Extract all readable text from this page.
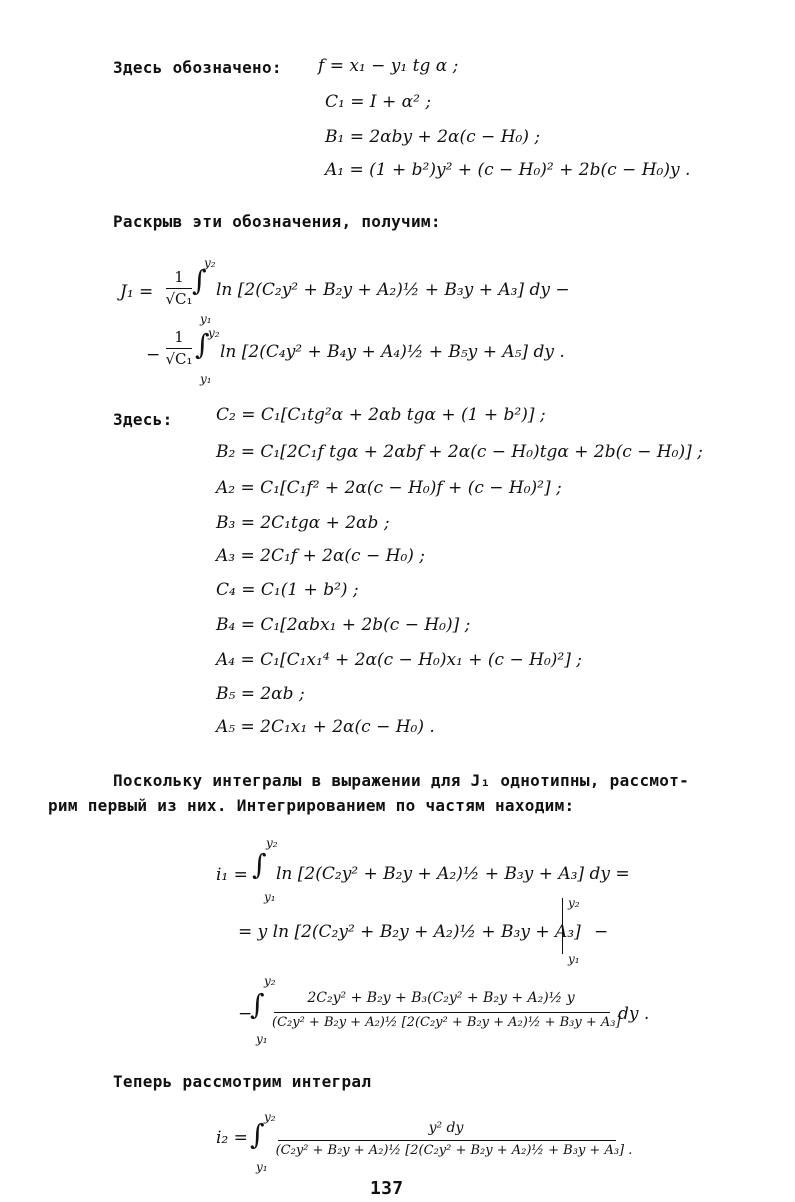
Здесь обозначено: f = x₁ − y₁ tg α ;
C₁ = I + α² ;
B₁ = 2αby + 2α(c − H₀) ;
A₁ = (1 + b²)y² + (c − H₀)² + 2b(c − H₀)y .
Раскрыв эти обозначения, получим:
J₁ =
1
√C₁
y₂
∫
y₁
ln [2(C₂y² + B₂y + A₂)½ + B₃y + A₃] dy −
−
1
√C₁
y₂
∫
y₁
ln [2(C₄y² + B₄y + A₄)½ + B₅y + A₅] dy .
Здесь:	C₂ = C₁[C₁tg²α + 2αb tgα + (1 + b²)] ;
B₂ = C₁[2C₁f tgα + 2αbf + 2α(c − H₀)tgα + 2b(c − H₀)] ;
A₂ = C₁[C₁f² + 2α(c − H₀)f + (c − H₀)²] ;
B₃ = 2C₁tgα + 2αb ;
A₃ = 2C₁f + 2α(c − H₀) ;
C₄ = C₁(1 + b²) ;
B₄ = C₁[2αbx₁ + 2b(c − H₀)] ;
A₄ = C₁[C₁x₁⁴ + 2α(c − H₀)x₁ + (c − H₀)²] ;
B₅ = 2αb ;
A₅ = 2C₁x₁ + 2α(c − H₀) .
Поскольку интегралы в выражении для J₁ однотипны, рассмот-
рим первый из них. Интегрированием по частям находим:
i₁ =
y₂
∫
y₁
ln [2(C₂y² + B₂y + A₂)½ + B₃y + A₃] dy =
= y ln [2(C₂y² + B₂y + A₂)½ + B₃y + A₃]
y₂
y₁
−
−
y₂
∫
y₁
2C₂y² + B₂y + B₃(C₂y² + B₂y + A₂)½ y
(C₂y² + B₂y + A₂)½ [2(C₂y² + B₂y + A₂)½ + B₃y + A₃]
dy .
Теперь рассмотрим интеграл
i₂ =
y₂
∫
y₁
y² dy
(C₂y² + B₂y + A₂)½ [2(C₂y² + B₂y + A₂)½ + B₃y + A₃] .
137
